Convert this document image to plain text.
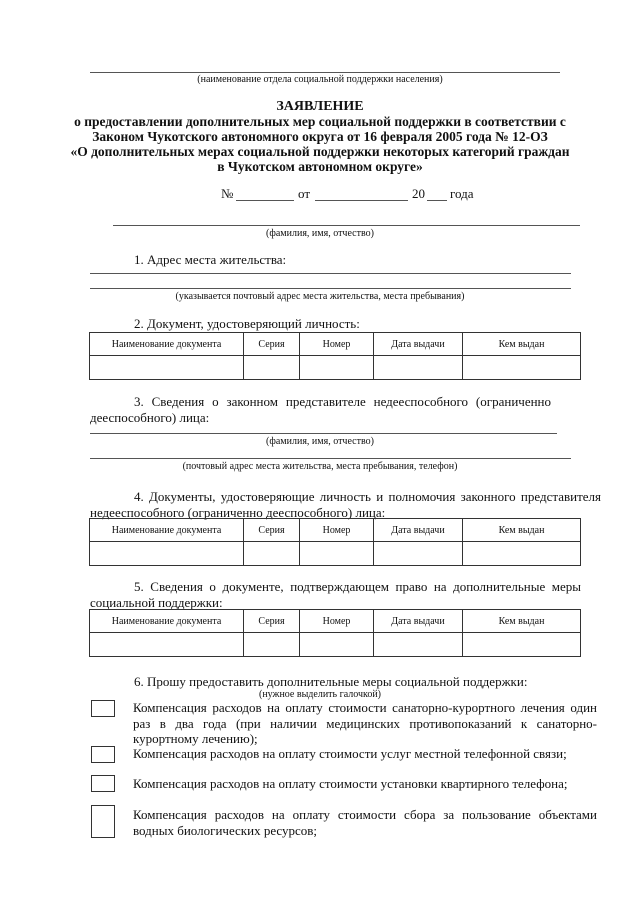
(наименование отдела социальной поддержки населения)
ЗАЯВЛЕНИЕ
о предоставлении дополнительных мер социальной поддержки в соответствии с
Законом Чукотского автономного округа от 16 февраля 2005 года № 12-ОЗ
«О дополнительных мерах социальной поддержки некоторых категорий граждан
в Чукотском автономном округе»
№	от	20 года
(фамилия, имя, отчество)
1. Адрес места жительства:
(указывается почтовый адрес места жительства, места пребывания)
2. Документ, удостоверяющий личность:
Наименование документа	Серия	Номер	Дата выдачи	Кем выдан

3. Сведения о законном представителе недееспособного (ограниченно дееспособного) лица:
(фамилия, имя, отчество)
(почтовый адрес места жительства, места пребывания, телефон)
4. Документы, удостоверяющие личность и полномочия законного представителя недееспособного (ограниченно дееспособного) лица:
Наименование документа	Серия	Номер	Дата выдачи	Кем выдан

5. Сведения о документе, подтверждающем право на дополнительные меры социальной поддержки:
Наименование документа	Серия	Номер	Дата выдачи	Кем выдан

6. Прошу предоставить дополнительные меры социальной поддержки:
(нужное выделить галочкой)
Компенсация расходов на оплату стоимости санаторно-курортного лечения один раз в два года (при наличии медицинских противопоказаний к санаторно-курортному лечению);
Компенсация расходов на оплату стоимости услуг местной телефонной связи;
Компенсация расходов на оплату стоимости установки квартирного телефона;
Компенсация расходов на оплату стоимости сбора за пользование объектами водных биологических ресурсов;
